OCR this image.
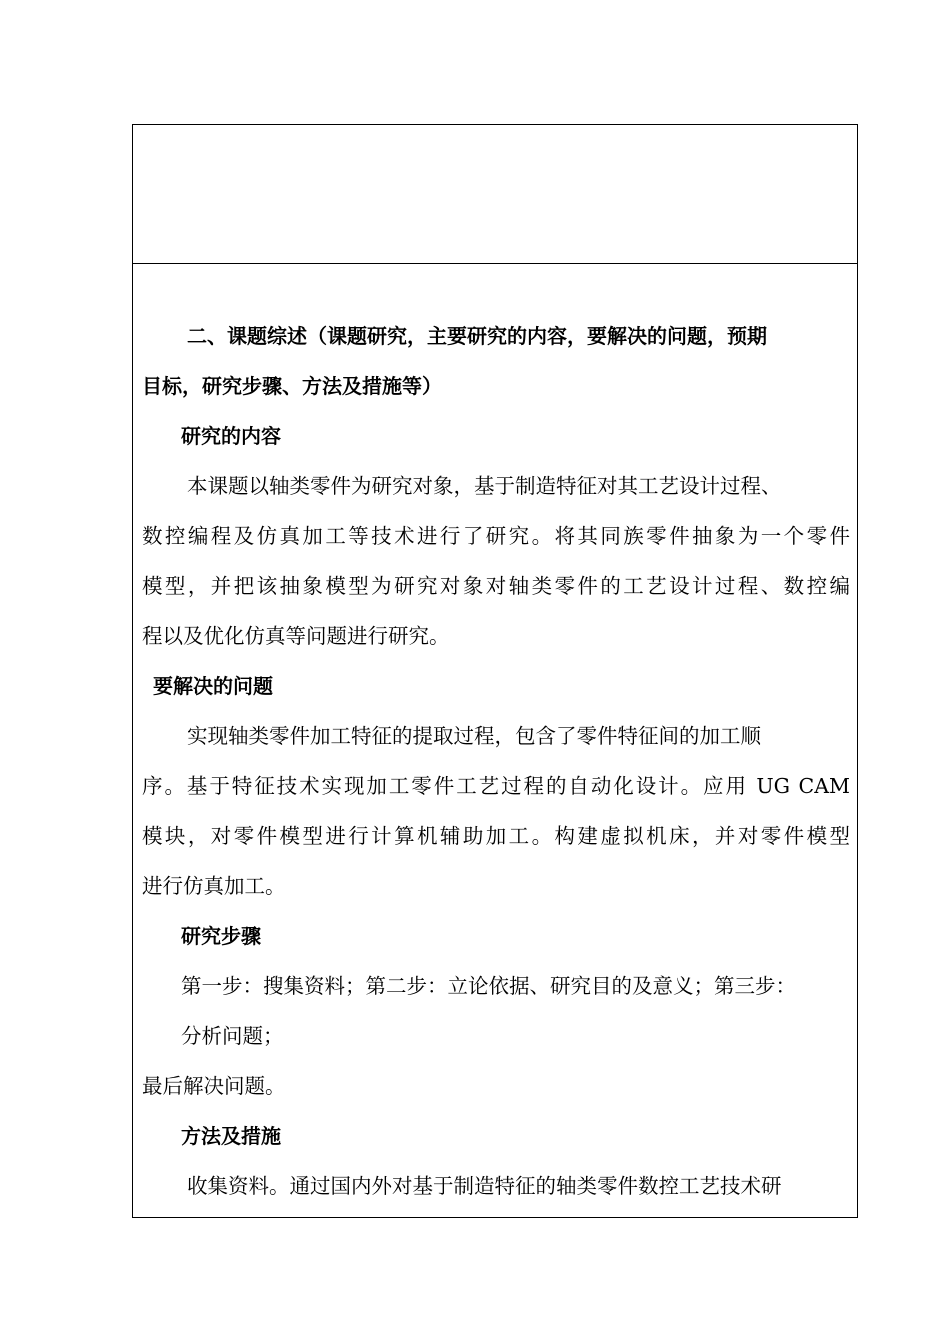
二、课题综述（课题研究，主要研究的内容，要解决的问题，预期
目标，研究步骤、方法及措施等）
研究的内容
本课题以轴类零件为研究对象，基于制造特征对其工艺设计过程、
数控编程及仿真加工等技术进行了研究。将其同族零件抽象为一个零件
模型，并把该抽象模型为研究对象对轴类零件的工艺设计过程、数控编
程以及优化仿真等问题进行研究。
要解决的问题
实现轴类零件加工特征的提取过程，包含了零件特征间的加工顺
序。基于特征技术实现加工零件工艺过程的自动化设计。应用 UG CAM
模块，对零件模型进行计算机辅助加工。构建虚拟机床，并对零件模型
进行仿真加工。
研究步骤
第一步：搜集资料；第二步：立论依据、研究目的及意义；第三步：
分析问题；
最后解决问题。
方法及措施
收集资料。通过国内外对基于制造特征的轴类零件数控工艺技术研
